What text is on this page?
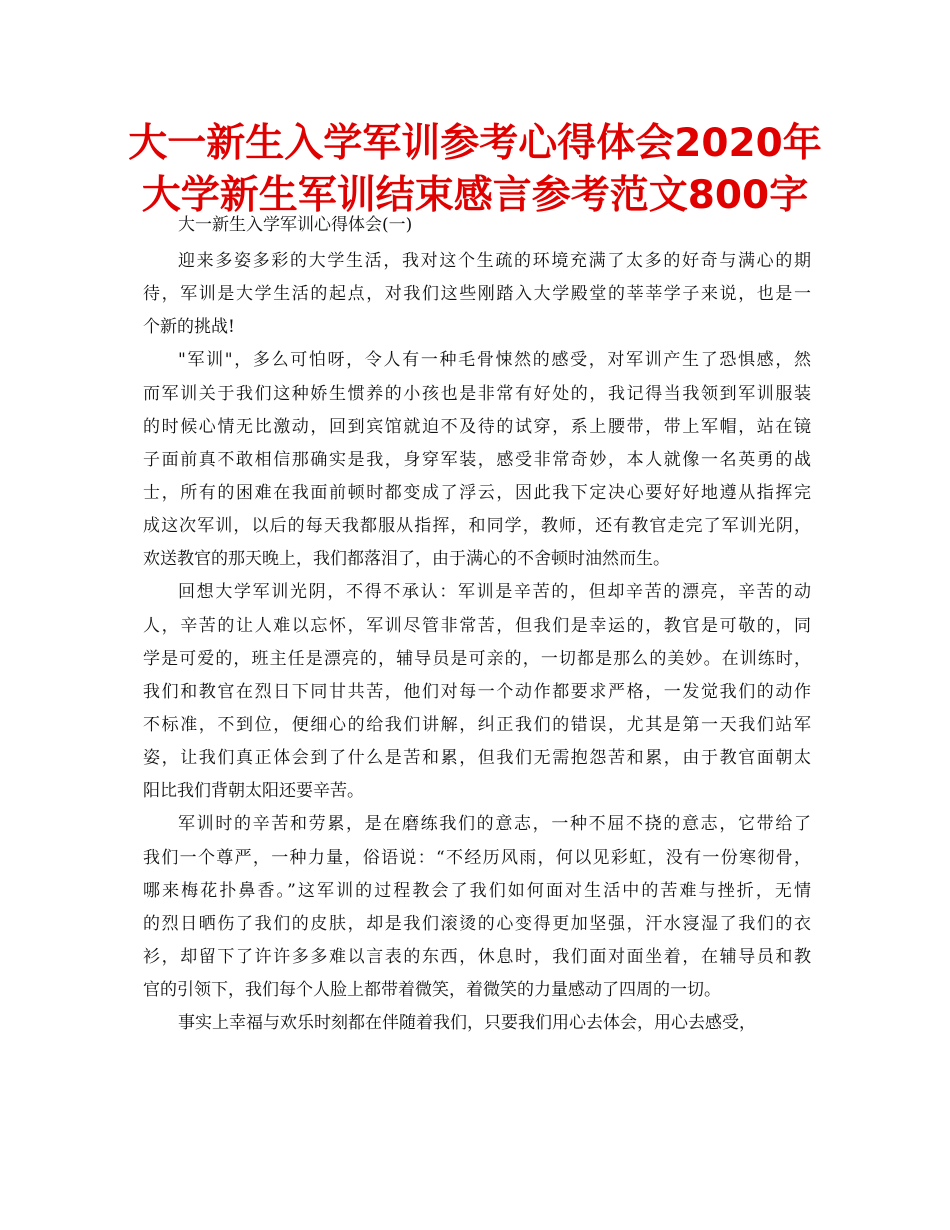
大一新生入学军训参考心得体会2020年
大学新生军训结束感言参考范文800字

大一新生入学军训心得体会(一)

迎来多姿多彩的大学生活，我对这个生疏的环境充满了太多的好奇与满心的期
待，军训是大学生活的起点，对我们这些刚踏入大学殿堂的莘莘学子来说，也是一
个新的挑战!
"军训"，多么可怕呀，令人有一种毛骨悚然的感受，对军训产生了恐惧感，然
而军训关于我们这种娇生惯养的小孩也是非常有好处的，我记得当我领到军训服装
的时候心情无比激动，回到宾馆就迫不及待的试穿，系上腰带，带上军帽，站在镜
子面前真不敢相信那确实是我，身穿军装，感受非常奇妙，本人就像一名英勇的战
士，所有的困难在我面前顿时都变成了浮云，因此我下定决心要好好地遵从指挥完
成这次军训，以后的每天我都服从指挥，和同学，教师，还有教官走完了军训光阴，
欢送教官的那天晚上，我们都落泪了，由于满心的不舍顿时油然而生。
回想大学军训光阴，不得不承认：军训是辛苦的，但却辛苦的漂亮，辛苦的动
人，辛苦的让人难以忘怀，军训尽管非常苦，但我们是幸运的，教官是可敬的，同
学是可爱的，班主任是漂亮的，辅导员是可亲的，一切都是那么的美妙。在训练时，
我们和教官在烈日下同甘共苦，他们对每一个动作都要求严格，一发觉我们的动作
不标准，不到位，便细心的给我们讲解，纠正我们的错误，尤其是第一天我们站军
姿，让我们真正体会到了什么是苦和累，但我们无需抱怨苦和累，由于教官面朝太
阳比我们背朝太阳还要辛苦。
军训时的辛苦和劳累，是在磨练我们的意志，一种不屈不挠的意志，它带给了
我们一个尊严，一种力量，俗语说：“不经历风雨，何以见彩虹，没有一份寒彻骨，
哪来梅花扑鼻香。”这军训的过程教会了我们如何面对生活中的苦难与挫折，无情
的烈日晒伤了我们的皮肤，却是我们滚烫的心变得更加坚强，汗水寖湿了我们的衣
衫，却留下了许许多多难以言表的东西，休息时，我们面对面坐着，在辅导员和教
官的引领下，我们每个人脸上都带着微笑，着微笑的力量感动了四周的一切。
事实上幸福与欢乐时刻都在伴随着我们，只要我们用心去体会，用心去感受，
